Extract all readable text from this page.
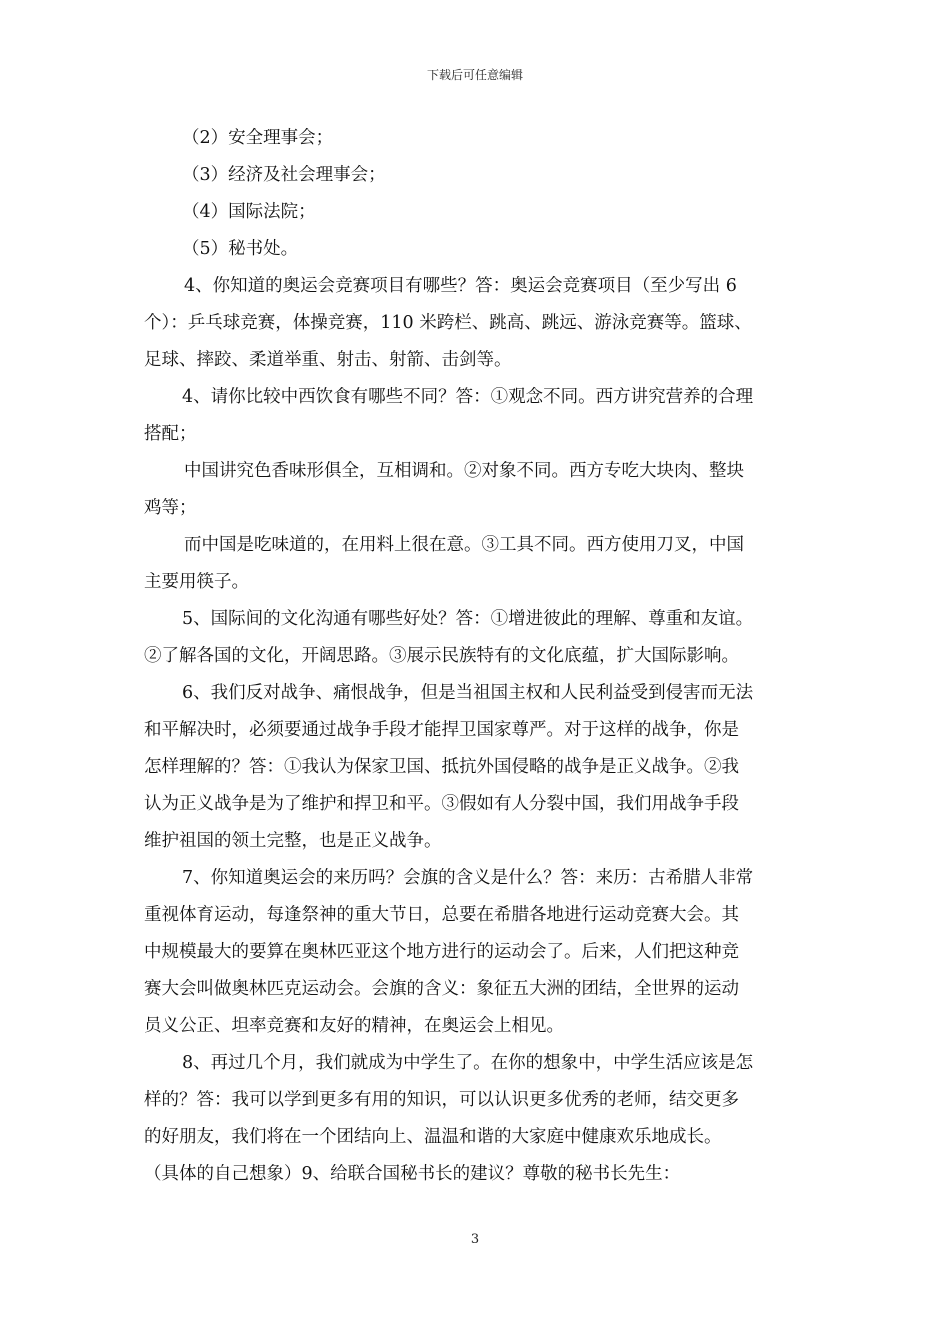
下载后可任意编辑
（2）安全理事会；
（3）经济及社会理事会；
（4）国际法院；
（5）秘书处。
4、你知道的奥运会竞赛项目有哪些？答：奥运会竞赛项目（至少写出 6
个）：乒乓球竞赛，体操竞赛，110 米跨栏、跳高、跳远、游泳竞赛等。篮球、
足球、摔跤、柔道举重、射击、射箭、击剑等。
4、请你比较中西饮食有哪些不同？答：①观念不同。西方讲究营养的合理
搭配；
中国讲究色香味形俱全，互相调和。②对象不同。西方专吃大块肉、整块
鸡等；
而中国是吃味道的，在用料上很在意。③工具不同。西方使用刀叉，中国
主要用筷子。
5、国际间的文化沟通有哪些好处？答：①增进彼此的理解、尊重和友谊。
②了解各国的文化，开阔思路。③展示民族特有的文化底蕴，扩大国际影响。
6、我们反对战争、痛恨战争，但是当祖国主权和人民利益受到侵害而无法
和平解决时，必须要通过战争手段才能捍卫国家尊严。对于这样的战争，你是
怎样理解的？答：①我认为保家卫国、抵抗外国侵略的战争是正义战争。②我
认为正义战争是为了维护和捍卫和平。③假如有人分裂中国，我们用战争手段
维护祖国的领土完整，也是正义战争。
7、你知道奥运会的来历吗？会旗的含义是什么？答：来历：古希腊人非常
重视体育运动，每逢祭神的重大节日，总要在希腊各地进行运动竞赛大会。其
中规模最大的要算在奥林匹亚这个地方进行的运动会了。后来，人们把这种竞
赛大会叫做奥林匹克运动会。会旗的含义：象征五大洲的团结，全世界的运动
员义公正、坦率竞赛和友好的精神，在奥运会上相见。
8、再过几个月，我们就成为中学生了。在你的想象中，中学生活应该是怎
样的？答：我可以学到更多有用的知识，可以认识更多优秀的老师，结交更多
的好朋友，我们将在一个团结向上、温温和谐的大家庭中健康欢乐地成长。
（具体的自己想象）9、给联合国秘书长的建议？尊敬的秘书长先生：
3
